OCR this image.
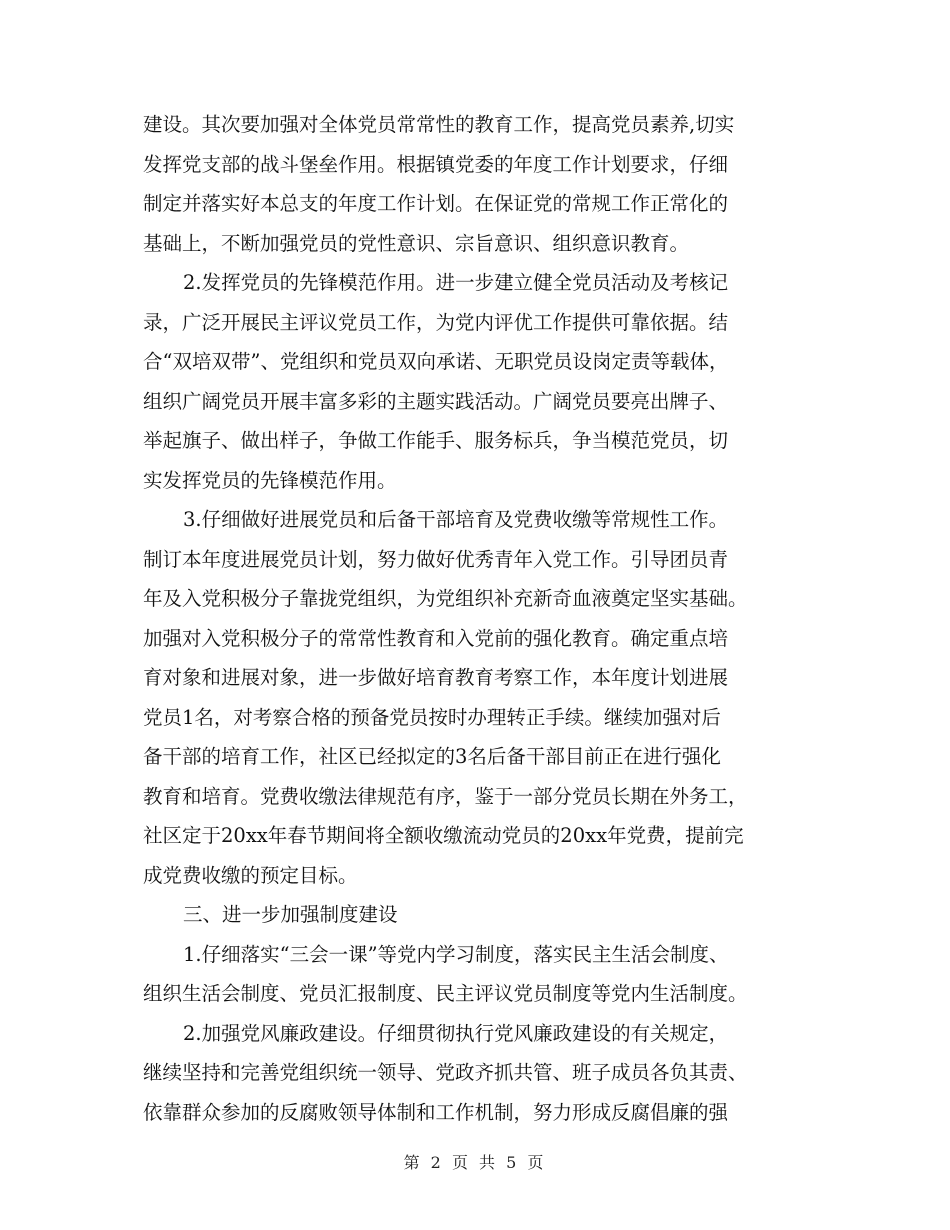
建设。其次要加强对全体党员常常性的教育工作，提高党员素养,切实
发挥党支部的战斗堡垒作用。根据镇党委的年度工作计划要求，仔细
制定并落实好本总支的年度工作计划。在保证党的常规工作正常化的
基础上，不断加强党员的党性意识、宗旨意识、组织意识教育。
2.发挥党员的先锋模范作用。进一步建立健全党员活动及考核记
录，广泛开展民主评议党员工作，为党内评优工作提供可靠依据。结
合“双培双带”、党组织和党员双向承诺、无职党员设岗定责等载体，
组织广阔党员开展丰富多彩的主题实践活动。广阔党员要亮出牌子、
举起旗子、做出样子，争做工作能手、服务标兵，争当模范党员，切
实发挥党员的先锋模范作用。
3.仔细做好进展党员和后备干部培育及党费收缴等常规性工作。
制订本年度进展党员计划，努力做好优秀青年入党工作。引导团员青
年及入党积极分子靠拢党组织，为党组织补充新奇血液奠定坚实基础。
加强对入党积极分子的常常性教育和入党前的强化教育。确定重点培
育对象和进展对象，进一步做好培育教育考察工作，本年度计划进展
党员1名，对考察合格的预备党员按时办理转正手续。继续加强对后
备干部的培育工作，社区已经拟定的3名后备干部目前正在进行强化
教育和培育。党费收缴法律规范有序，鉴于一部分党员长期在外务工，
社区定于20xx年春节期间将全额收缴流动党员的20xx年党费，提前完
成党费收缴的预定目标。
三、进一步加强制度建设
1.仔细落实“三会一课”等党内学习制度，落实民主生活会制度、
组织生活会制度、党员汇报制度、民主评议党员制度等党内生活制度。
2.加强党风廉政建设。仔细贯彻执行党风廉政建设的有关规定，
继续坚持和完善党组织统一领导、党政齐抓共管、班子成员各负其责、
依靠群众参加的反腐败领导体制和工作机制，努力形成反腐倡廉的强
第 2 页 共 5 页
